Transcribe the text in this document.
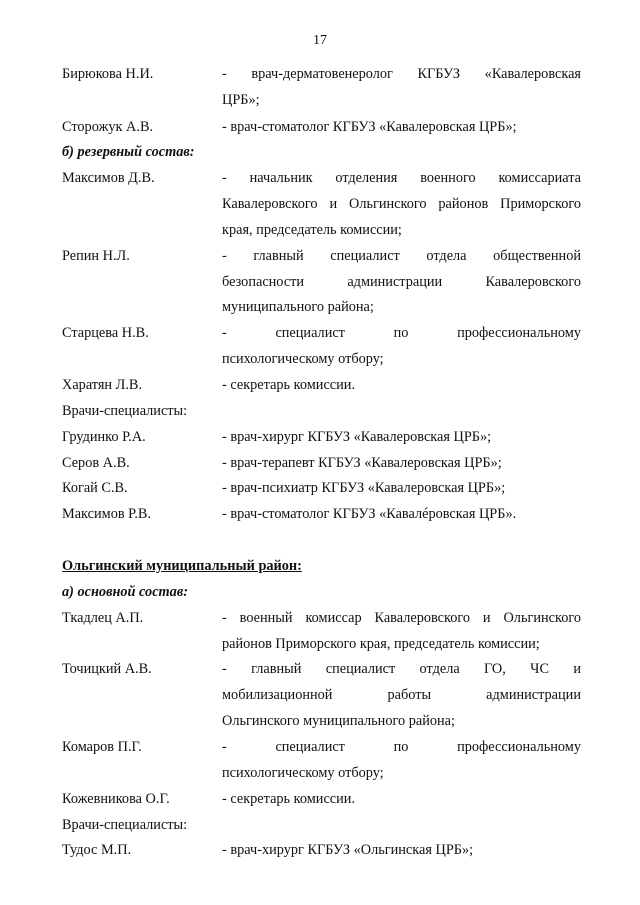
17
Бирюкова Н.И.	- врач-дерматовенеролог КГБУЗ «Кавалеровская
ЦРБ»;
Сторожук А.В.	- врач-стоматолог КГБУЗ «Кавалеровская ЦРБ»;
б) резервный состав:
Максимов Д.В.	- начальник отделения военного комиссариата
Кавалеровского и Ольгинского районов Приморского
края, председатель комиссии;
Репин Н.Л.	- главный специалист отдела общественной
безопасности администрации Кавалеровского
муниципального района;
Старцева Н.В.	- специалист по профессиональному
психологическому отбору;
Харатян Л.В.	- секретарь комиссии.
Врачи-специалисты:
Грудинко Р.А.	- врач-хирург КГБУЗ «Кавалеровская ЦРБ»;
Серов А.В.	- врач-терапевт КГБУЗ «Кавалеровская ЦРБ»;
Когай С.В.	- врач-психиатр КГБУЗ «Кавалеровская ЦРБ»;
Максимов Р.В.	- врач-стоматолог КГБУЗ «Кавалéровская ЦРБ».
Ольгинский муниципальный район:
а) основной состав:
Ткадлец А.П.	- военный комиссар Кавалеровского и Ольгинского
районов Приморского края, председатель комиссии;
Точицкий А.В.	- главный специалист отдела ГО, ЧС и
мобилизационной работы администрации
Ольгинского муниципального района;
Комаров П.Г.	- специалист по профессиональному
психологическому отбору;
Кожевникова О.Г.	- секретарь комиссии.
Врачи-специалисты:
Тудос М.П.	- врач-хирург КГБУЗ «Ольгинская ЦРБ»;
